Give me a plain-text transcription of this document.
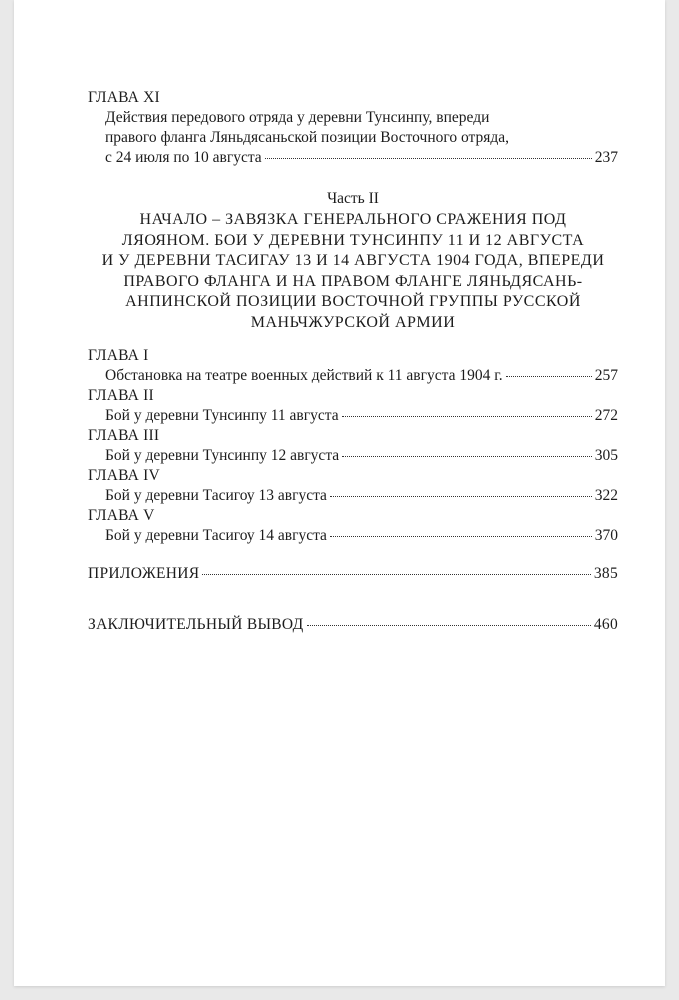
ГЛАВА XI
Действия передового отряда у деревни Тунсинпу, впереди
правого фланга Ляньдясаньской позиции Восточного отряда,
с 24 июля по 10 августа	237
Часть II
НАЧАЛО – ЗАВЯЗКА ГЕНЕРАЛЬНОГО СРАЖЕНИЯ ПОД
ЛЯОЯНОМ. БОИ У ДЕРЕВНИ ТУНСИНПУ 11 И 12 АВГУСТА
И У ДЕРЕВНИ ТАСИГАУ 13 И 14 АВГУСТА 1904 ГОДА, ВПЕРЕДИ
ПРАВОГО ФЛАНГА И НА ПРАВОМ ФЛАНГЕ ЛЯНЬДЯСАНЬ-
АНПИНСКОЙ ПОЗИЦИИ ВОСТОЧНОЙ ГРУППЫ РУССКОЙ
МАНЬЧЖУРСКОЙ АРМИИ
ГЛАВА I
Обстановка на театре военных действий к 11 августа 1904 г.	257
ГЛАВА II
Бой у деревни Тунсинпу 11 августа	272
ГЛАВА III
Бой у деревни Тунсинпу 12 августа	305
ГЛАВА IV
Бой у деревни Тасигоу 13 августа	322
ГЛАВА V
Бой у деревни Тасигоу 14 августа	370
ПРИЛОЖЕНИЯ	385
ЗАКЛЮЧИТЕЛЬНЫЙ ВЫВОД	460
